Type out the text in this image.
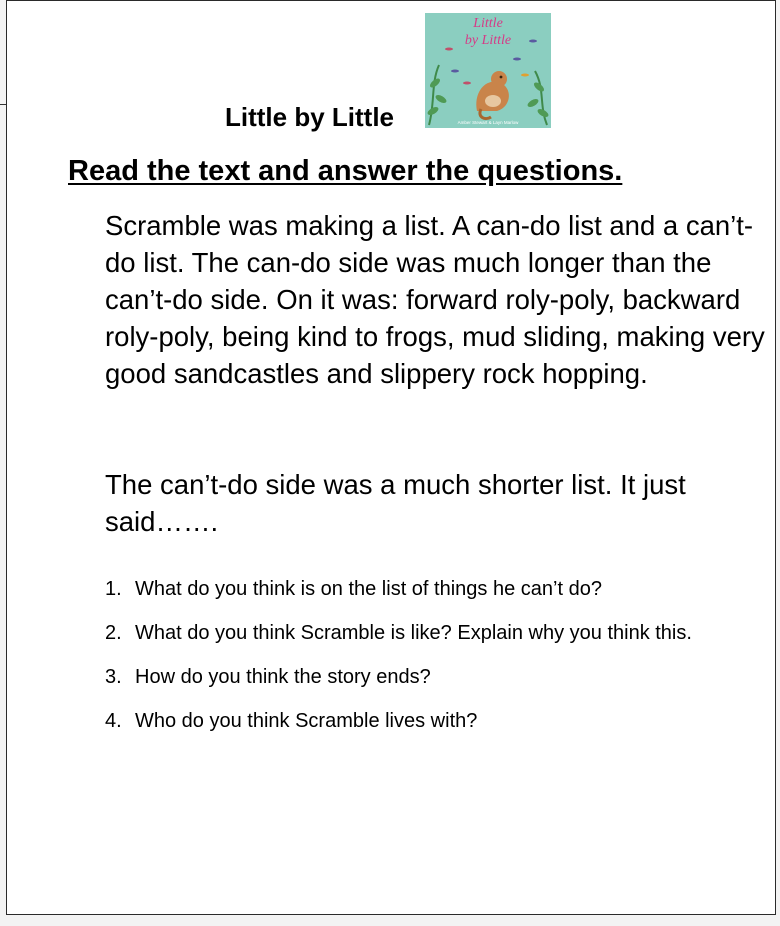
Little by Little
Little
by Little
Amber Stewart & Layn Marlow
Read the text and answer the questions.

Scramble was making a list. A can-do list and a can’t-do list. The can-do side was much longer than the can’t-do side. On it was: forward roly-poly, backward roly-poly, being kind to frogs, mud sliding, making very good sandcastles and slippery rock hopping.

The can’t-do side was a much shorter list. It just said…….

1. What do you think is on the list of things he can’t do?
2. What do you think Scramble is like? Explain why you think this.
3. How do you think the story ends?
4. Who do you think Scramble lives with?
